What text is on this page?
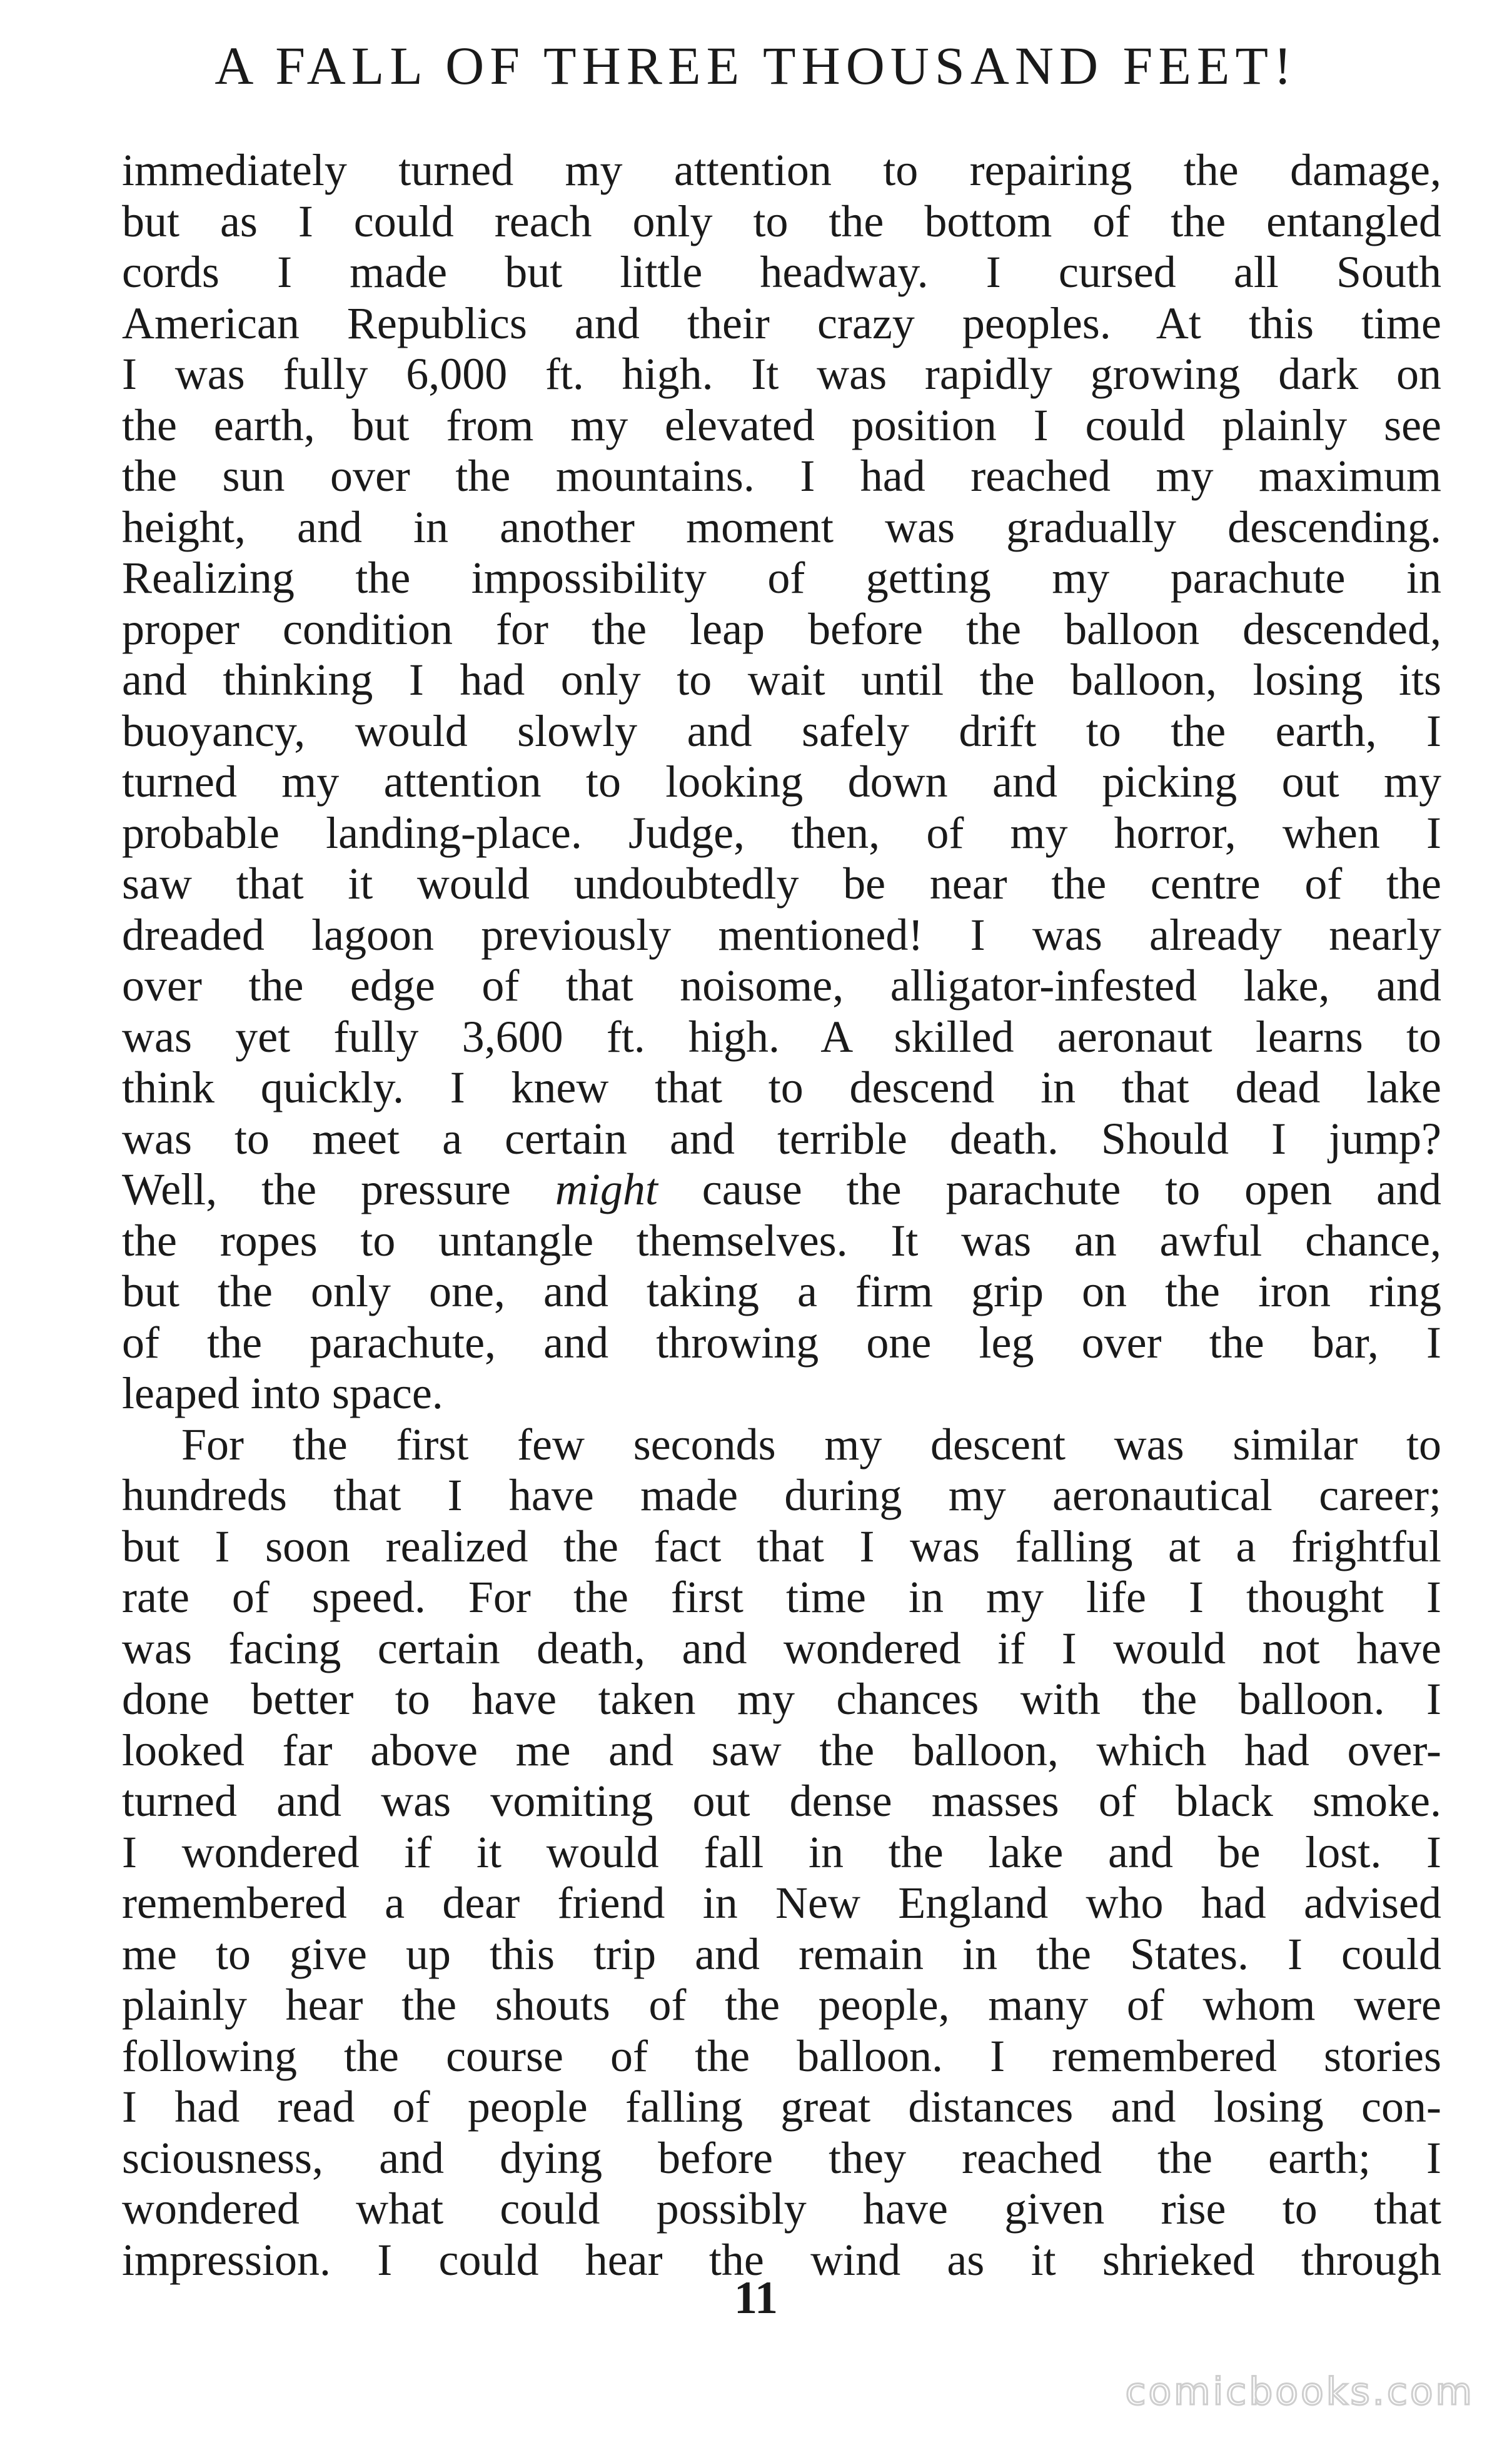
A FALL OF THREE THOUSAND FEET!
immediately turned my attention to repairing the damage,
but as I could reach only to the bottom of the entangled
cords I made but little headway. I cursed all South
American Republics and their crazy peoples. At this time
I was fully 6,000 ft. high. It was rapidly growing dark on
the earth, but from my elevated position I could plainly see
the sun over the mountains. I had reached my maximum
height, and in another moment was gradually descending.
Realizing the impossibility of getting my parachute in
proper condition for the leap before the balloon descended,
and thinking I had only to wait until the balloon, losing its
buoyancy, would slowly and safely drift to the earth, I
turned my attention to looking down and picking out my
probable landing-place. Judge, then, of my horror, when I
saw that it would undoubtedly be near the centre of the
dreaded lagoon previously mentioned! I was already nearly
over the edge of that noisome, alligator-infested lake, and
was yet fully 3,600 ft. high. A skilled aeronaut learns to
think quickly. I knew that to descend in that dead lake
was to meet a certain and terrible death. Should I jump?
Well, the pressure might cause the parachute to open and
the ropes to untangle themselves. It was an awful chance,
but the only one, and taking a firm grip on the iron ring
of the parachute, and throwing one leg over the bar, I
leaped into space.
For the first few seconds my descent was similar to
hundreds that I have made during my aeronautical career;
but I soon realized the fact that I was falling at a frightful
rate of speed. For the first time in my life I thought I
was facing certain death, and wondered if I would not have
done better to have taken my chances with the balloon. I
looked far above me and saw the balloon, which had over-
turned and was vomiting out dense masses of black smoke.
I wondered if it would fall in the lake and be lost. I
remembered a dear friend in New England who had advised
me to give up this trip and remain in the States. I could
plainly hear the shouts of the people, many of whom were
following the course of the balloon. I remembered stories
I had read of people falling great distances and losing con-
sciousness, and dying before they reached the earth; I
wondered what could possibly have given rise to that
impression. I could hear the wind as it shrieked through
11
comicbooks.com
